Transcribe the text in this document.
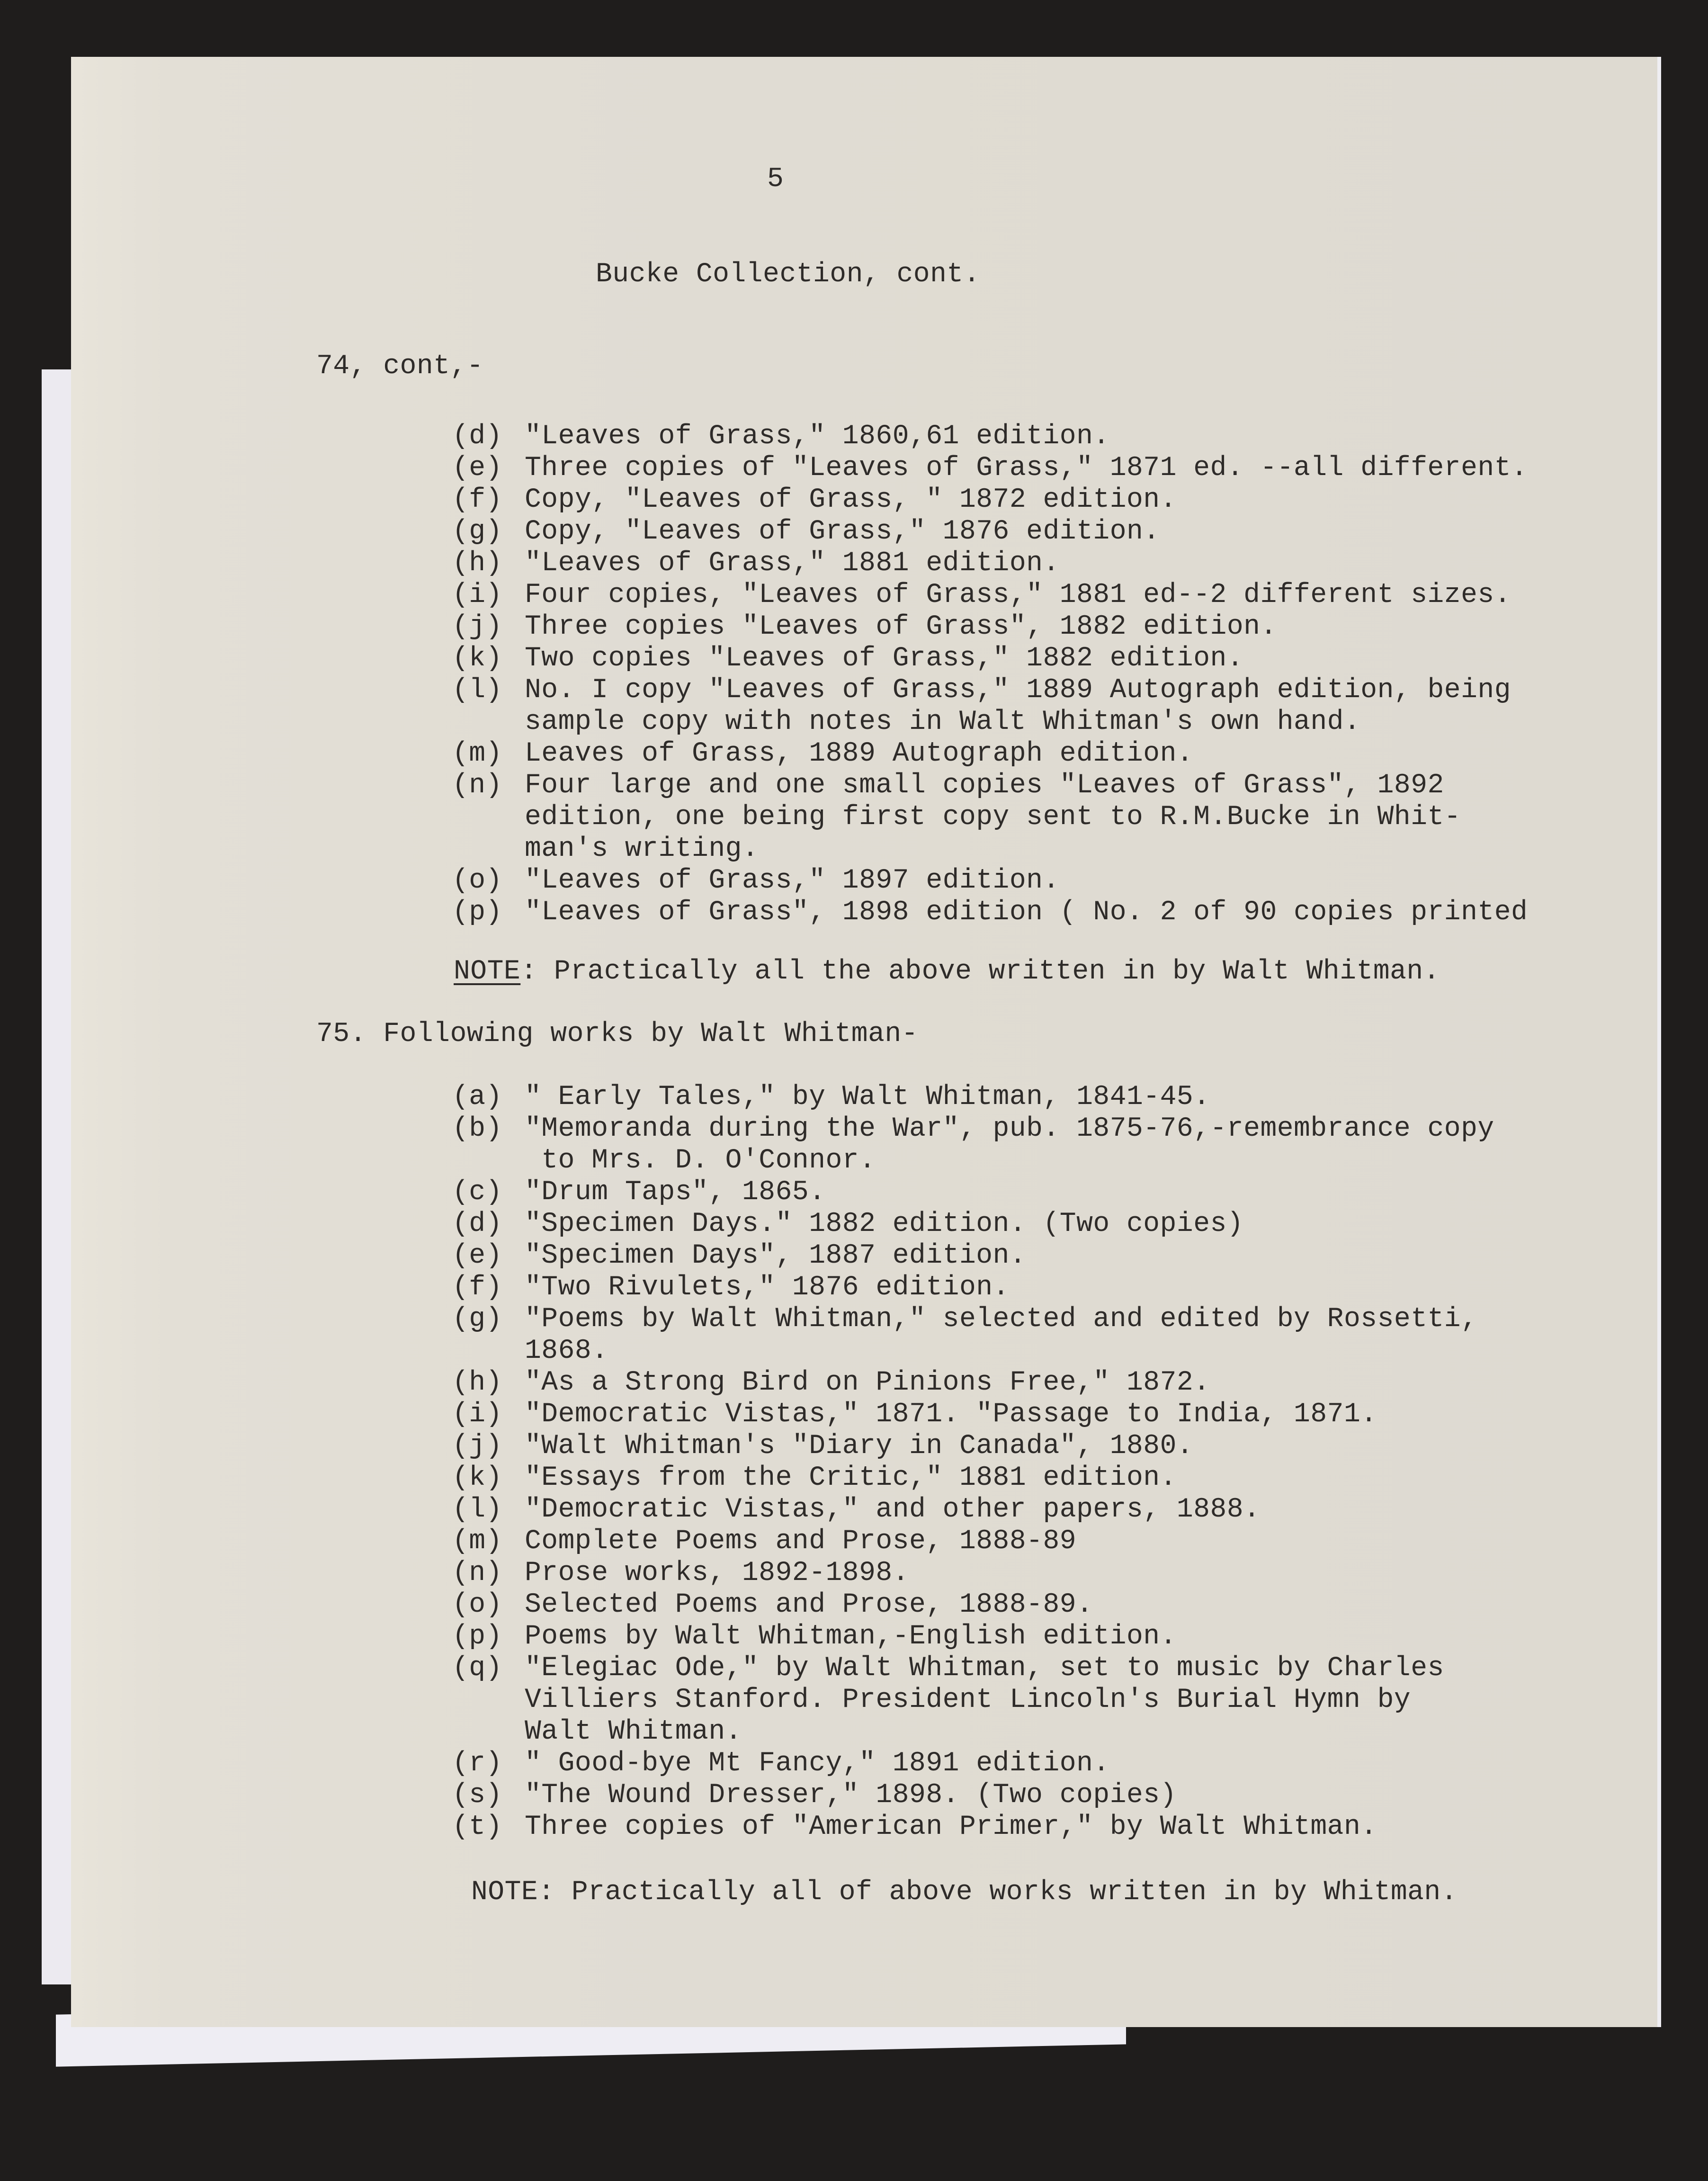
5
Bucke Collection, cont.
74, cont,-
(d) "Leaves of Grass," 1860,61 edition.
(e) Three copies of "Leaves of Grass," 1871 ed. --all different.
(f) Copy, "Leaves of Grass, " 1872 edition.
(g) Copy, "Leaves of Grass," 1876 edition.
(h) "Leaves of Grass," 1881 edition.
(i) Four copies, "Leaves of Grass," 1881 ed--2 different sizes.
(j) Three copies "Leaves of Grass", 1882 edition.
(k) Two copies "Leaves of Grass," 1882 edition.
(l) No. I copy "Leaves of Grass," 1889 Autograph edition, being
sample copy with notes in Walt Whitman's own hand.
(m) Leaves of Grass, 1889 Autograph edition.
(n) Four large and one small copies "Leaves of Grass", 1892
edition, one being first copy sent to R.M.Bucke in Whit-
man's writing.
(o) "Leaves of Grass," 1897 edition.
(p) "Leaves of Grass", 1898 edition ( No. 2 of 90 copies printed
NOTE: Practically all the above written in by Walt Whitman.
75. Following works by Walt Whitman-
(a) " Early Tales," by Walt Whitman, 1841-45.
(b) "Memoranda during the War", pub. 1875-76,-remembrance copy
to Mrs. D. O'Connor.
(c) "Drum Taps", 1865.
(d) "Specimen Days." 1882 edition. (Two copies)
(e) "Specimen Days", 1887 edition.
(f) "Two Rivulets," 1876 edition.
(g) "Poems by Walt Whitman," selected and edited by Rossetti,
1868.
(h) "As a Strong Bird on Pinions Free," 1872.
(i) "Democratic Vistas," 1871. "Passage to India, 1871.
(j) "Walt Whitman's "Diary in Canada", 1880.
(k) "Essays from the Critic," 1881 edition.
(l) "Democratic Vistas," and other papers, 1888.
(m) Complete Poems and Prose, 1888-89
(n) Prose works, 1892-1898.
(o) Selected Poems and Prose, 1888-89.
(p) Poems by Walt Whitman,-English edition.
(q) "Elegiac Ode," by Walt Whitman, set to music by Charles
Villiers Stanford. President Lincoln's Burial Hymn by
Walt Whitman.
(r) " Good-bye Mt Fancy," 1891 edition.
(s) "The Wound Dresser," 1898. (Two copies)
(t) Three copies of "American Primer," by Walt Whitman.
NOTE: Practically all of above works written in by Whitman.
